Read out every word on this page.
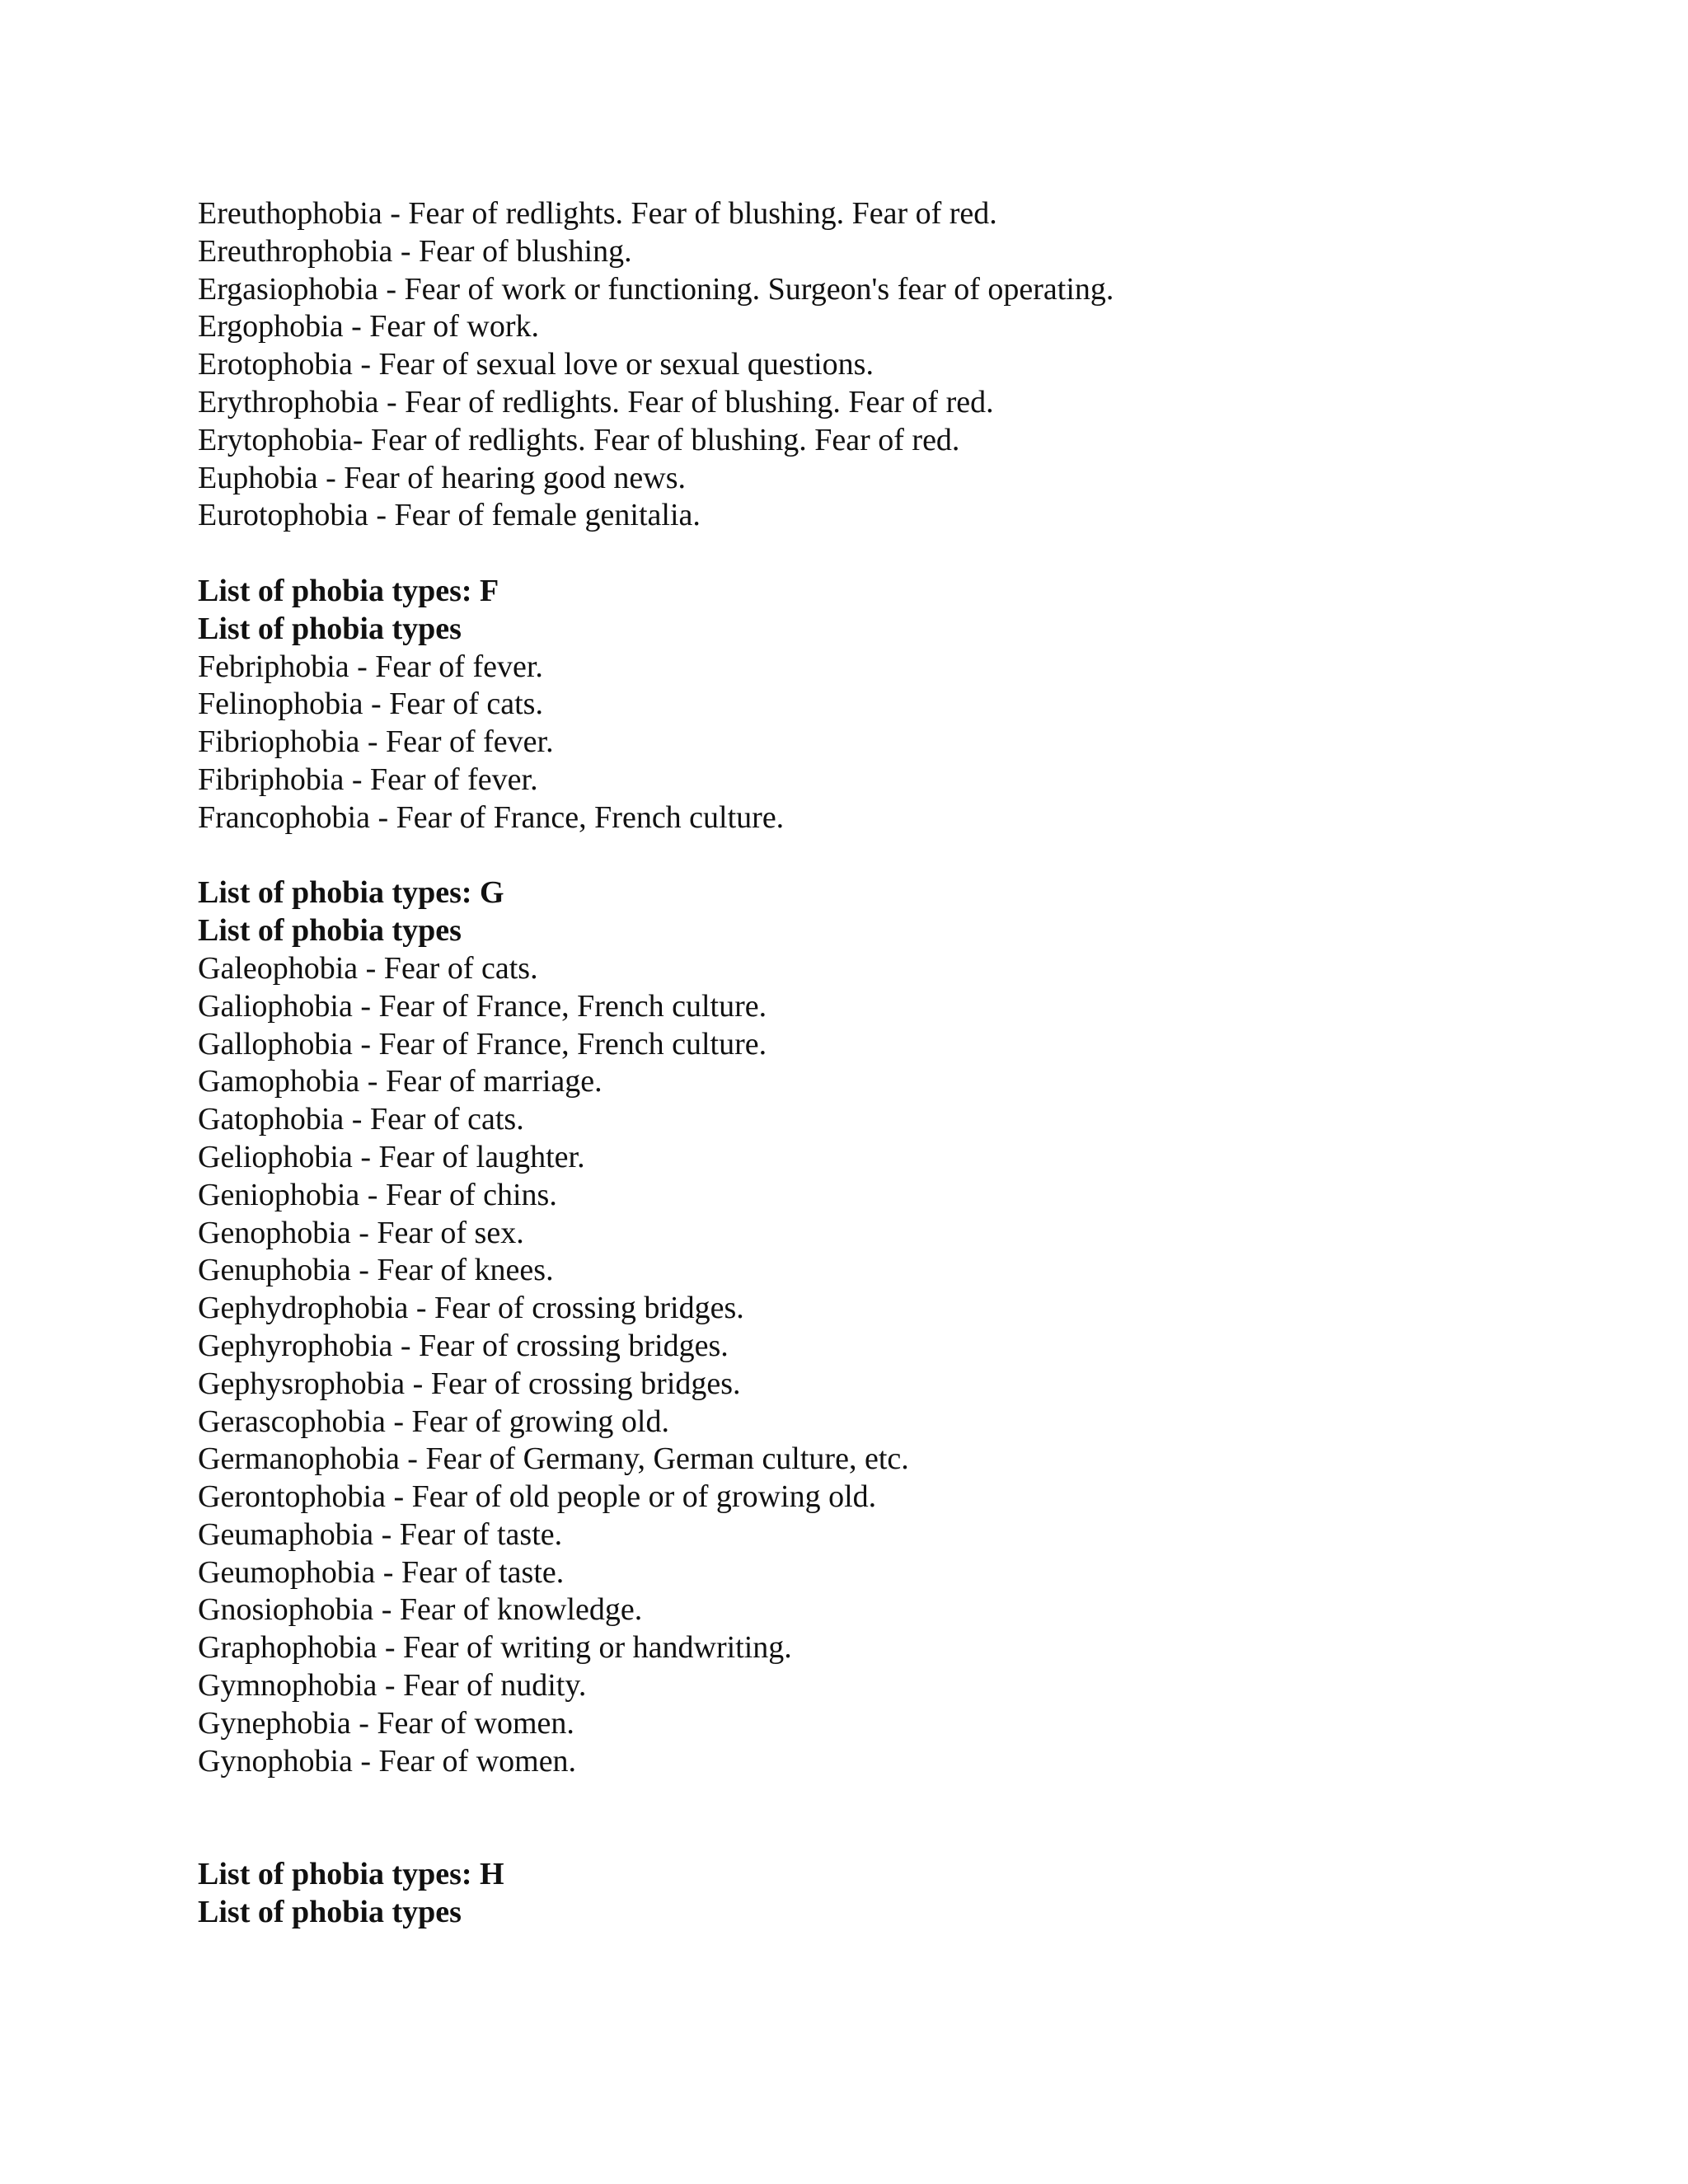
Ereuthophobia - Fear of redlights. Fear of blushing. Fear of red.
Ereuthrophobia - Fear of blushing.
Ergasiophobia - Fear of work or functioning. Surgeon's fear of operating.
Ergophobia - Fear of work.
Erotophobia - Fear of sexual love or sexual questions.
Erythrophobia - Fear of redlights. Fear of blushing. Fear of red.
Erytophobia- Fear of redlights. Fear of blushing. Fear of red.
Euphobia - Fear of hearing good news.
Eurotophobia - Fear of female genitalia.
List of phobia types: F
List of phobia types
Febriphobia - Fear of fever.
Felinophobia - Fear of cats.
Fibriophobia - Fear of fever.
Fibriphobia - Fear of fever.
Francophobia - Fear of France, French culture.
List of phobia types: G
List of phobia types
Galeophobia - Fear of cats.
Galiophobia - Fear of France, French culture.
Gallophobia - Fear of France, French culture.
Gamophobia - Fear of marriage.
Gatophobia - Fear of cats.
Geliophobia - Fear of laughter.
Geniophobia - Fear of chins.
Genophobia - Fear of sex.
Genuphobia - Fear of knees.
Gephydrophobia - Fear of crossing bridges.
Gephyrophobia - Fear of crossing bridges.
Gephysrophobia - Fear of crossing bridges.
Gerascophobia - Fear of growing old.
Germanophobia - Fear of Germany, German culture, etc.
Gerontophobia - Fear of old people or of growing old.
Geumaphobia - Fear of taste.
Geumophobia - Fear of taste.
Gnosiophobia - Fear of knowledge.
Graphophobia - Fear of writing or handwriting.
Gymnophobia - Fear of nudity.
Gynephobia - Fear of women.
Gynophobia - Fear of women.
List of phobia types: H
List of phobia types
